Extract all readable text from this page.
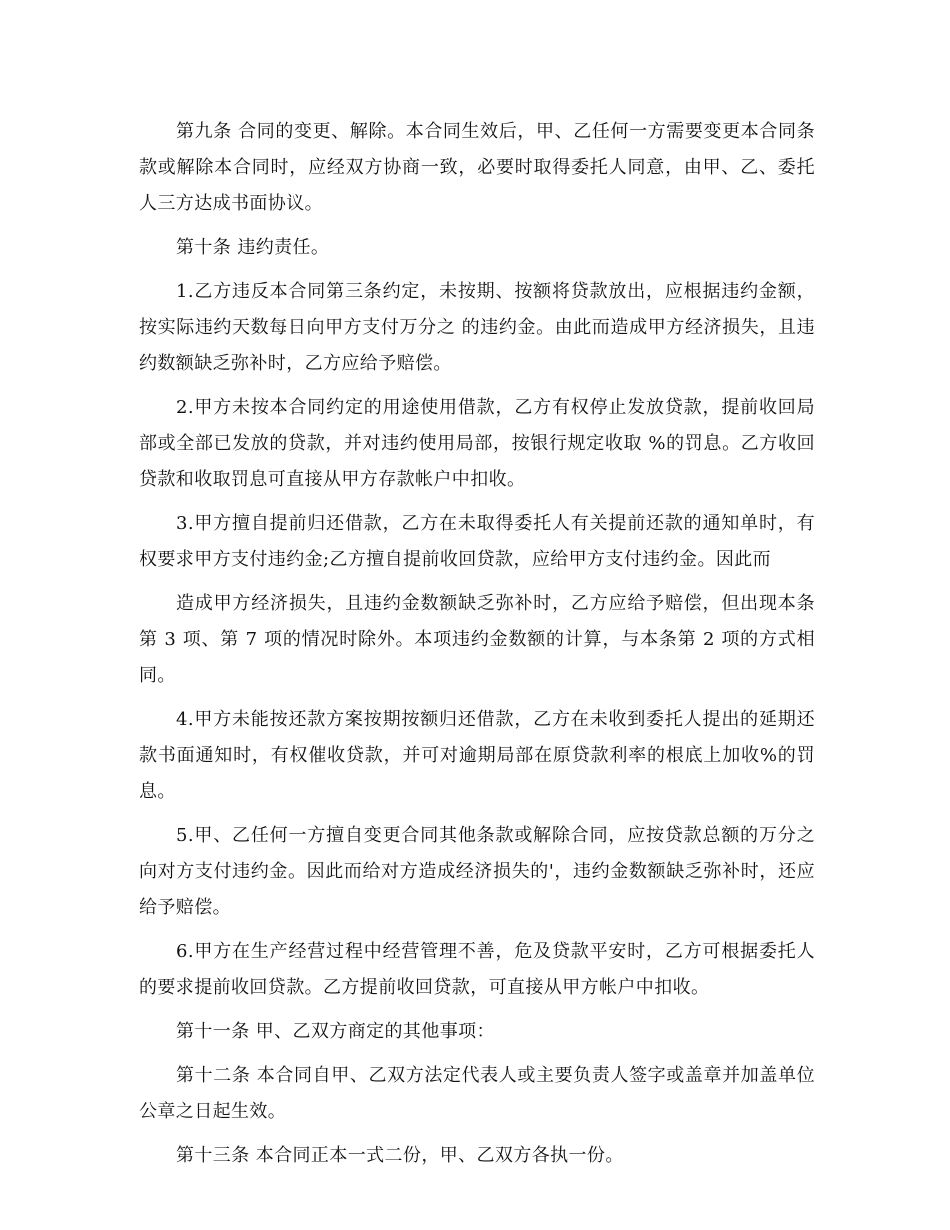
第九条 合同的变更、解除。本合同生效后，甲、乙任何一方需要变更本合同条款或解除本合同时，应经双方协商一致，必要时取得委托人同意，由甲、乙、委托人三方达成书面协议。

第十条 违约责任。

1.乙方违反本合同第三条约定，未按期、按额将贷款放出，应根据违约金额，按实际违约天数每日向甲方支付万分之 的违约金。由此而造成甲方经济损失，且违约数额缺乏弥补时，乙方应给予赔偿。

2.甲方未按本合同约定的用途使用借款，乙方有权停止发放贷款，提前收回局部或全部已发放的贷款，并对违约使用局部，按银行规定收取 %的罚息。乙方收回贷款和收取罚息可直接从甲方存款帐户中扣收。

3.甲方擅自提前归还借款，乙方在未取得委托人有关提前还款的通知单时，有权要求甲方支付违约金;乙方擅自提前收回贷款，应给甲方支付违约金。因此而

造成甲方经济损失，且违约金数额缺乏弥补时，乙方应给予赔偿，但出现本条第 3 项、第 7 项的情况时除外。本项违约金数额的计算，与本条第 2 项的方式相同。

4.甲方未能按还款方案按期按额归还借款，乙方在未收到委托人提出的延期还款书面通知时，有权催收贷款，并可对逾期局部在原贷款利率的根底上加收%的罚息。

5.甲、乙任何一方擅自变更合同其他条款或解除合同，应按贷款总额的万分之向对方支付违约金。因此而给对方造成经济损失的'，违约金数额缺乏弥补时，还应给予赔偿。

6.甲方在生产经营过程中经营管理不善，危及贷款平安时，乙方可根据委托人的要求提前收回贷款。乙方提前收回贷款，可直接从甲方帐户中扣收。

第十一条 甲、乙双方商定的其他事项：

第十二条 本合同自甲、乙双方法定代表人或主要负责人签字或盖章并加盖单位公章之日起生效。

第十三条 本合同正本一式二份，甲、乙双方各执一份。
